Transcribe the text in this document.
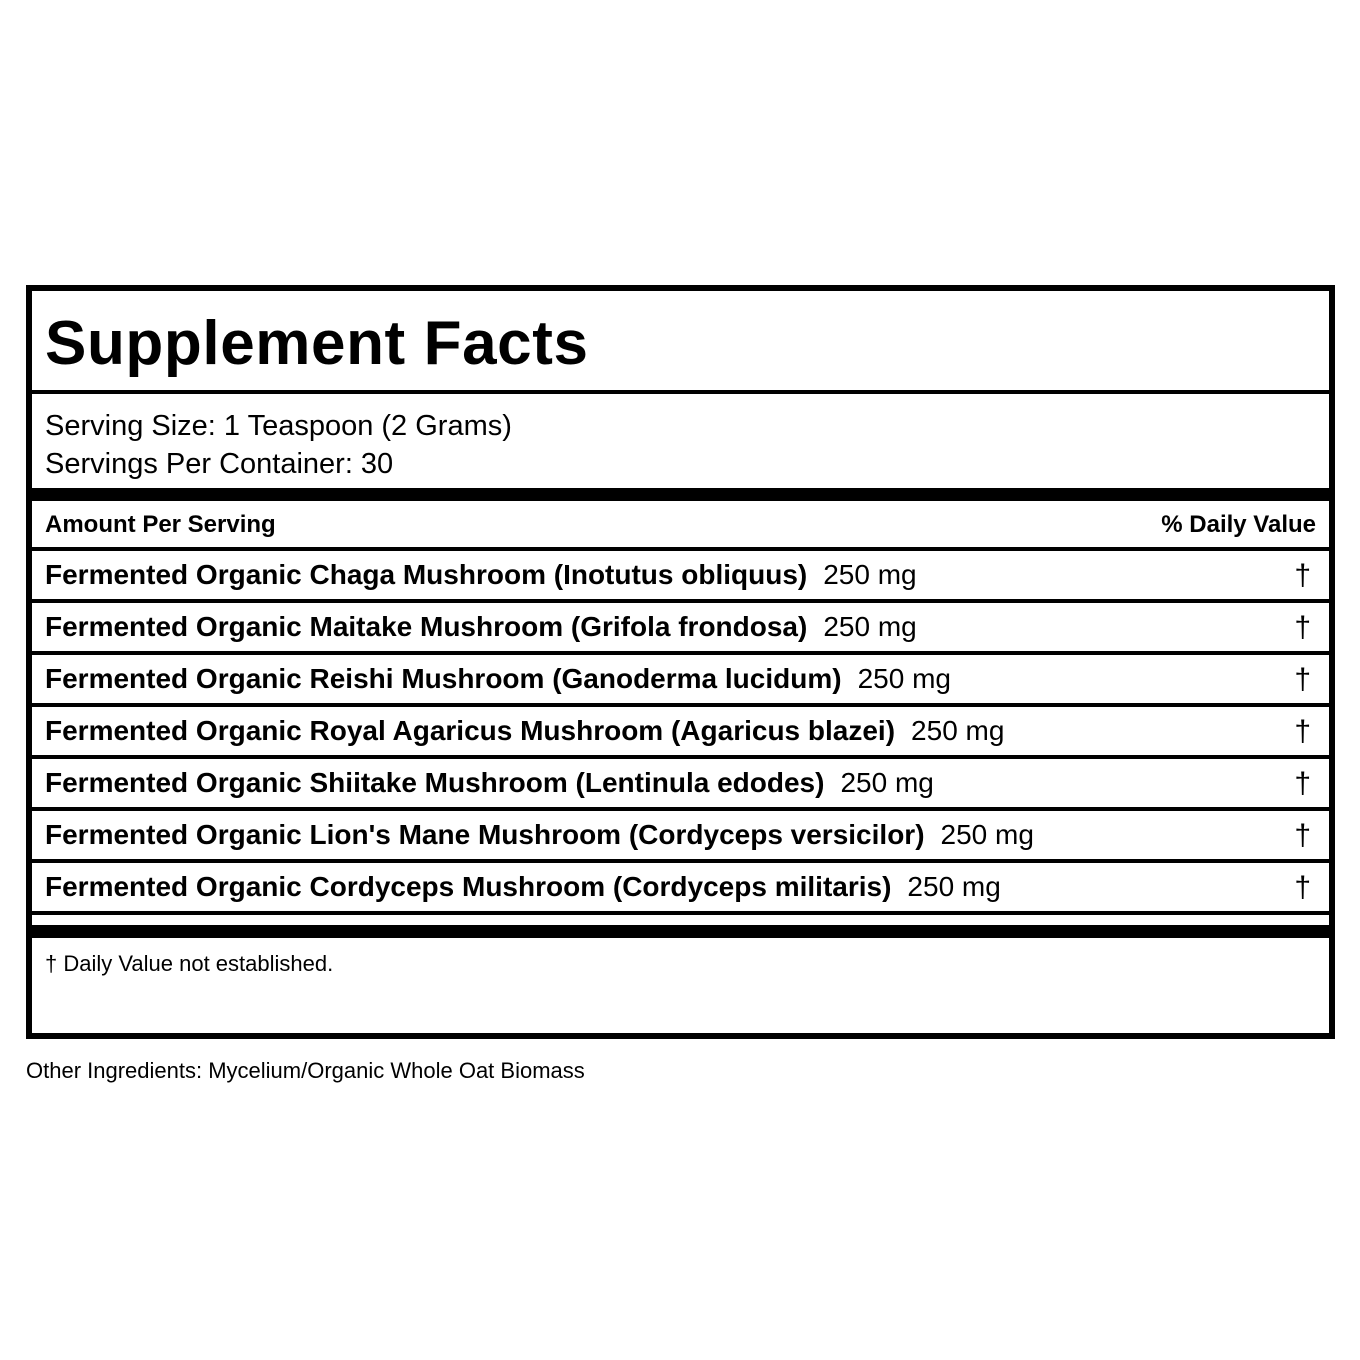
Supplement Facts
Serving Size: 1 Teaspoon (2 Grams)
Servings Per Container: 30
Amount Per Serving	% Daily Value
Fermented Organic Chaga Mushroom (Inotutus obliquus) 250 mg	†
Fermented Organic Maitake Mushroom (Grifola frondosa) 250 mg	†
Fermented Organic Reishi Mushroom (Ganoderma lucidum) 250 mg	†
Fermented Organic Royal Agaricus Mushroom (Agaricus blazei) 250 mg	†
Fermented Organic Shiitake Mushroom (Lentinula edodes) 250 mg	†
Fermented Organic Lion's Mane Mushroom (Cordyceps versicilor) 250 mg	†
Fermented Organic Cordyceps Mushroom (Cordyceps militaris) 250 mg	†
† Daily Value not established.
Other Ingredients: Mycelium/Organic Whole Oat Biomass
